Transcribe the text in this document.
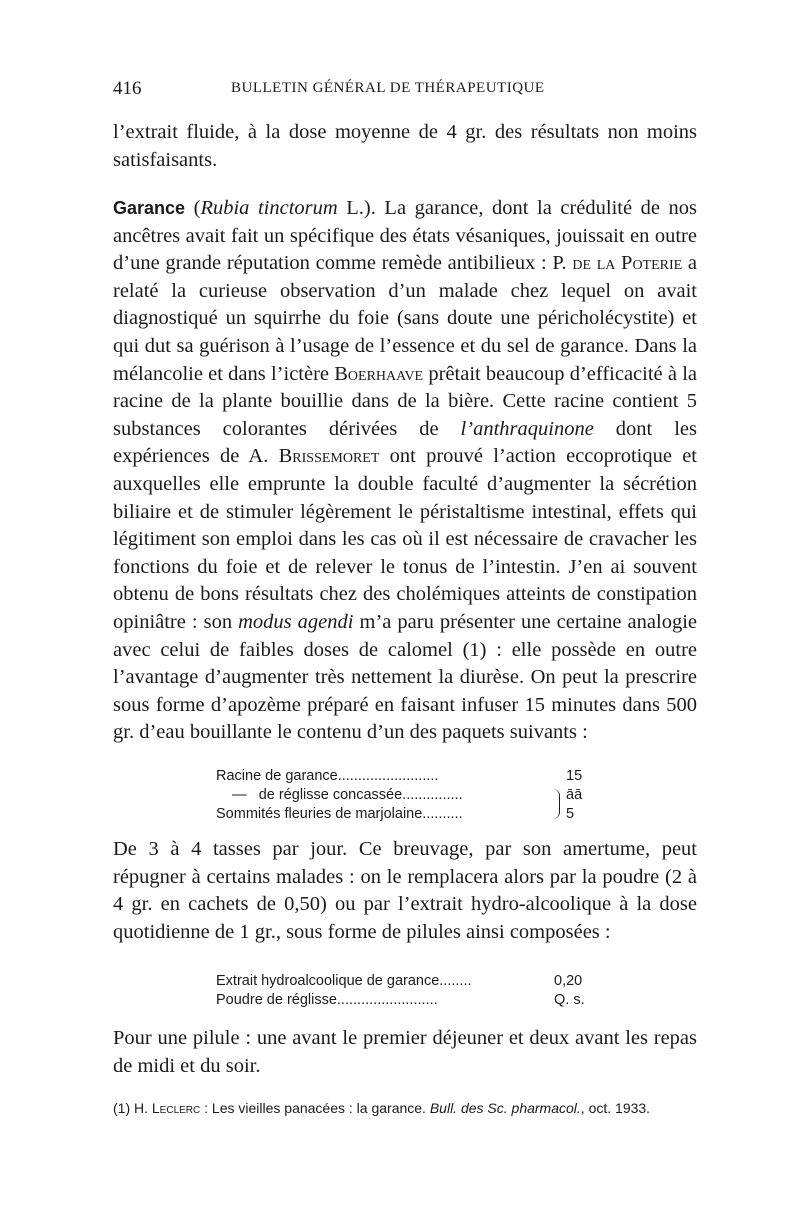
416	BULLETIN GÉNÉRAL DE THÉRAPEUTIQUE
l’extrait fluide, à la dose moyenne de 4 gr. des résultats non moins satisfaisants.
Garance (Rubia tinctorum L.). La garance, dont la crédulité de nos ancêtres avait fait un spécifique des états vésaniques, jouissait en outre d’une grande réputation comme remède antibilieux : P. de la Poterie a relaté la curieuse observation d’un malade chez lequel on avait diagnostiqué un squirrhe du foie (sans doute une péricholécystite) et qui dut sa guérison à l’usage de l’essence et du sel de garance. Dans la mélancolie et dans l’ictère Boerhaave prêtait beaucoup d’efficacité à la racine de la plante bouillie dans de la bière. Cette racine contient 5 substances colorantes dérivées de l’anthraquinone dont les expériences de A. Brissemoret ont prouvé l’action eccoprotique et auxquelles elle emprunte la double faculté d’augmenter la sécrétion biliaire et de stimuler légèrement le péristaltisme intestinal, effets qui légitiment son emploi dans les cas où il est nécessaire de cravacher les fonctions du foie et de relever le tonus de l’intestin. J’en ai souvent obtenu de bons résultats chez des cholémiques atteints de constipation opiniâtre : son modus agendi m’a paru présenter une certaine analogie avec celui de faibles doses de calomel (1) : elle possède en outre l’avantage d’augmenter très nettement la diurèse. On peut la prescrire sous forme d’apozème préparé en faisant infuser 15 minutes dans 500 gr. d’eau bouillante le contenu d’un des paquets suivants :
Racine de garance.........................	15
—   de réglisse concassée...............	āā
Sommités fleuries de marjolaine..........	5
De 3 à 4 tasses par jour. Ce breuvage, par son amertume, peut répugner à certains malades : on le remplacera alors par la poudre (2 à 4 gr. en cachets de 0,50) ou par l’extrait hydro-alcoolique à la dose quotidienne de 1 gr., sous forme de pilules ainsi composées :
Extrait hydroalcoolique de garance........	0,20
Poudre de réglisse.........................	Q. s.
Pour une pilule : une avant le premier déjeuner et deux avant les repas de midi et du soir.
(1) H. Leclerc : Les vieilles panacées : la garance. Bull. des Sc. pharmacol., oct. 1933.
